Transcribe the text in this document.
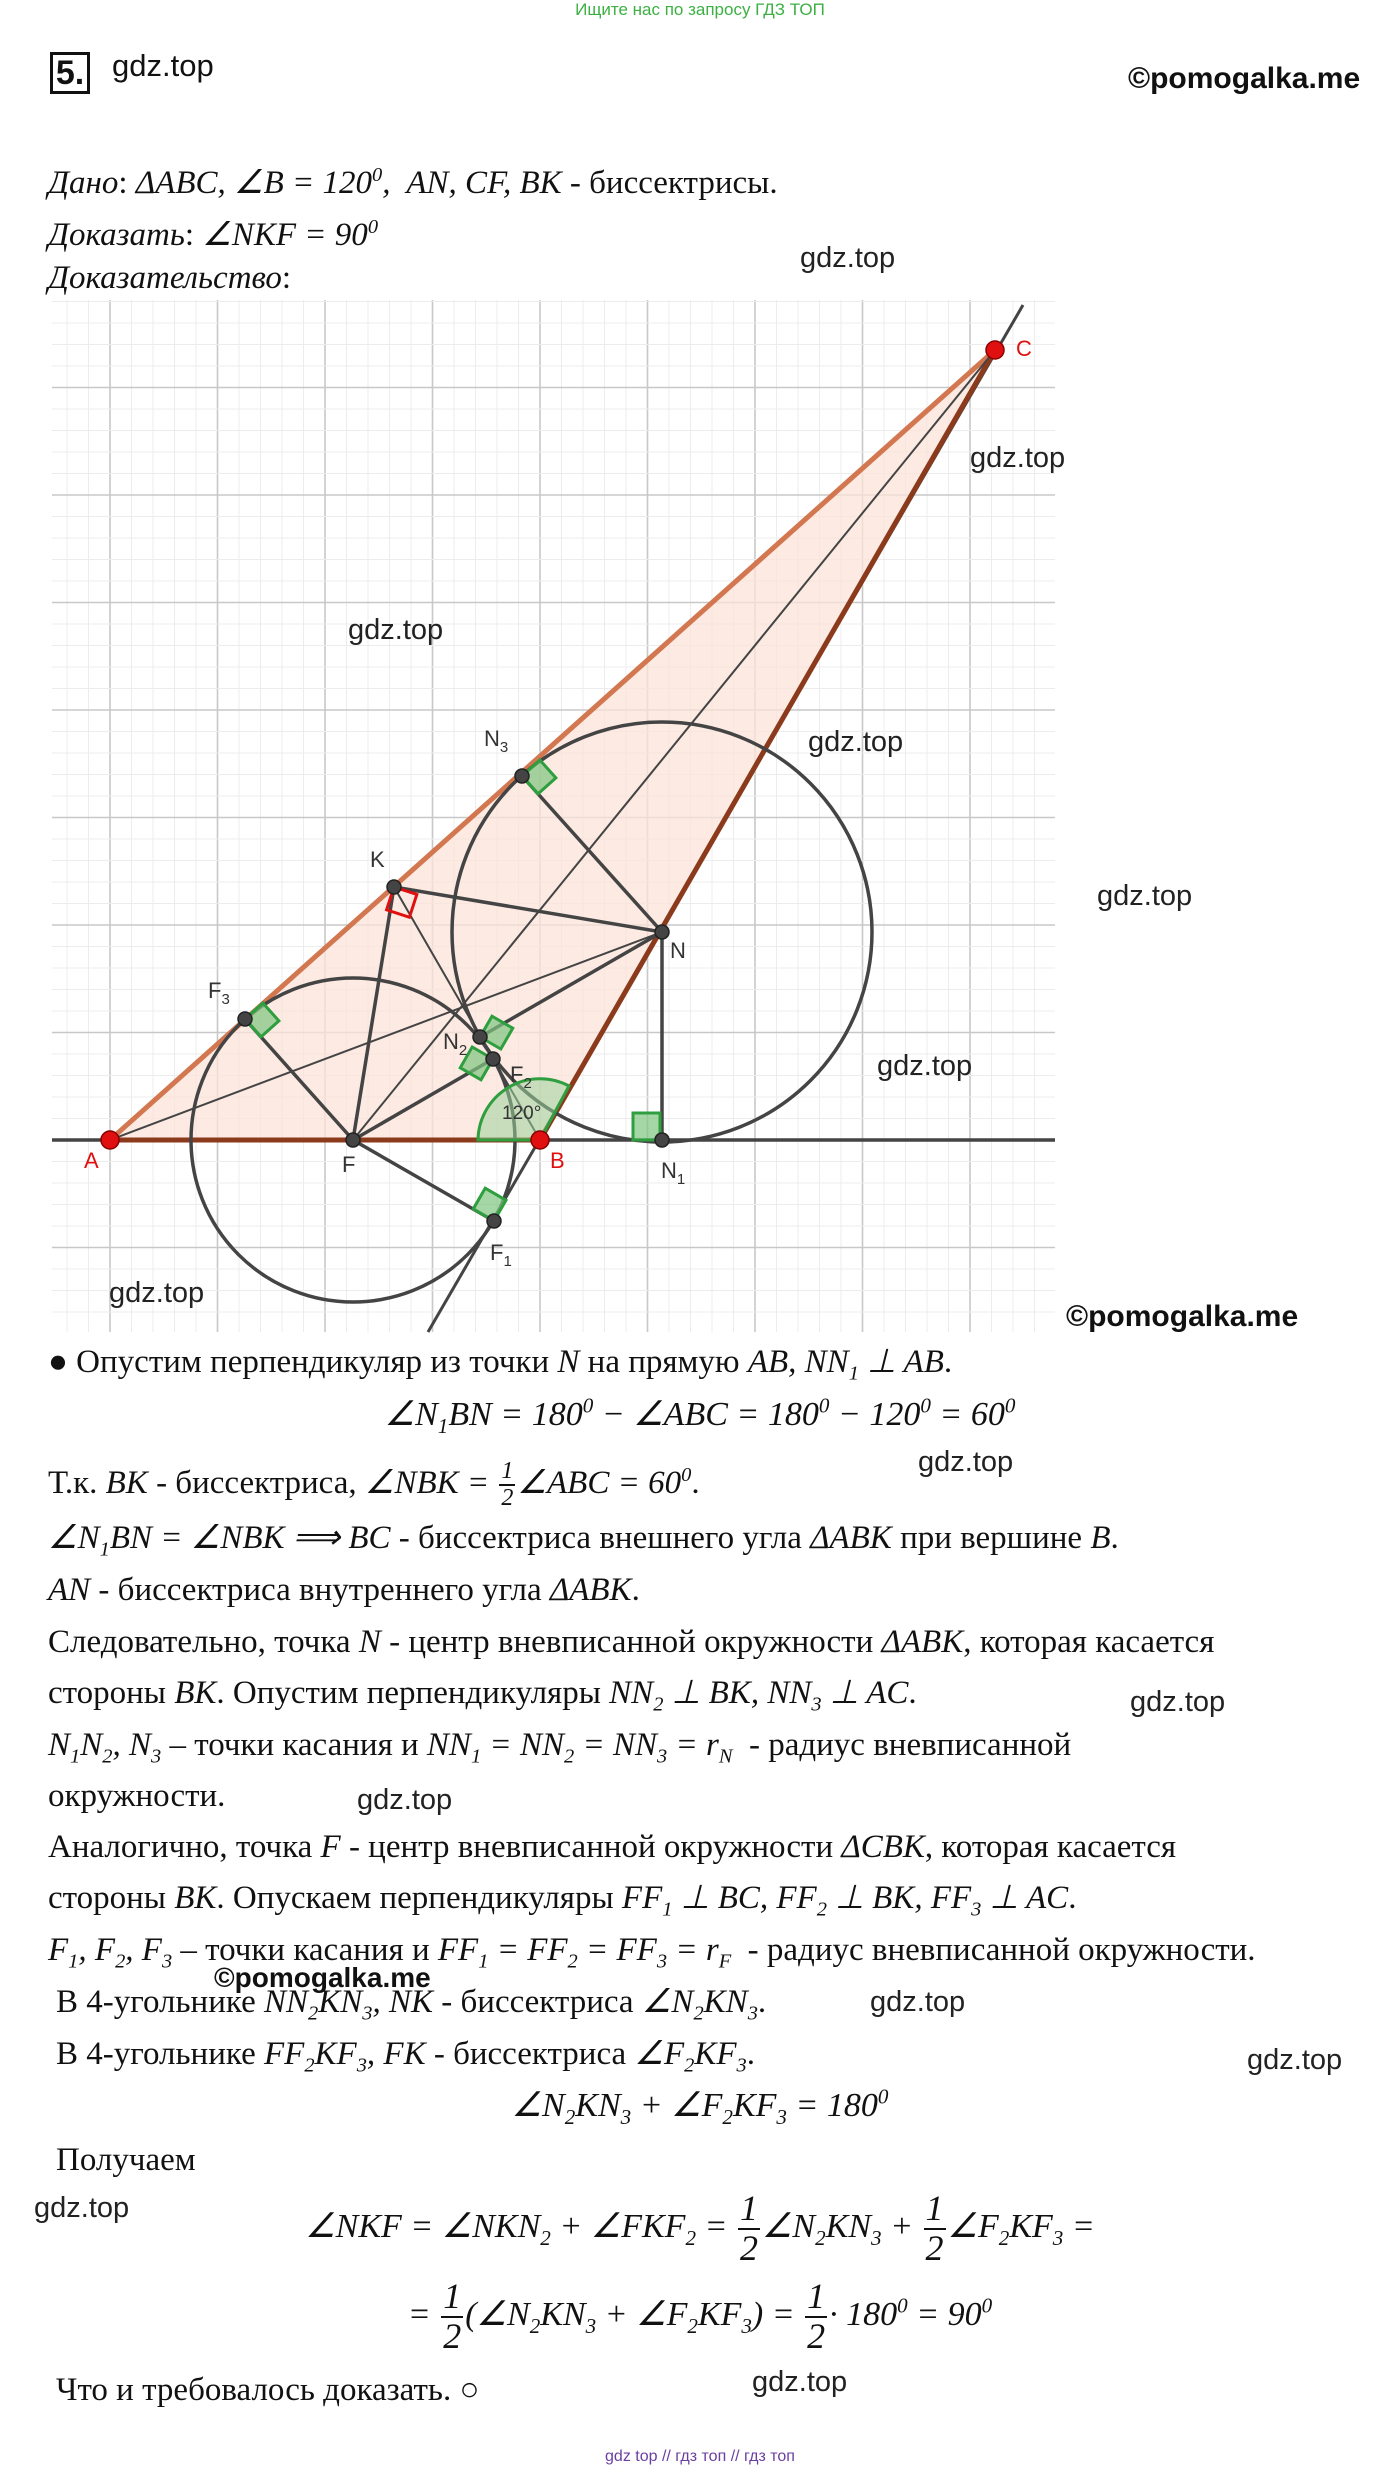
Ищите нас по запросу ГДЗ ТОП
5. gdz.top	©pomogalka.me
Дано: ΔABC, ∠B = $120^0$,  AN, CF, BK - биссектрисы.
Доказать: ∠NKF = $90^0$
Доказательство:
A	B
C
F
K
N
$N_1$
$N_2$
$N_3$
$F_1$
$F_2$
$F_3$
120°
gdz.top
gdz.top
gdz.top
gdz.top
gdz.top
gdz.top
gdz.top
©pomogalka.me
● Опустим перпендикуляр из точки N на прямую AB, $NN_1$ ⊥ AB.
$\angle N_1BN = 180^0$ − ∠ABC = $180^0 - 120^0 = 60^0$
Т.к. BK - биссектриса, ∠NBK = $\frac{1}{2}$ ∠ABC = $60^0$.
gdz.top
$\angle N_1BN$ = ∠NBK ⟹ BC - биссектриса внешнего угла ΔABK при вершине B.
AN - биссектриса внутреннего угла ΔABK.
Следовательно, точка N - центр вневписанной окружности ΔABK, которая касается
стороны BK. Опустим перпендикуляры $NN_2$ ⊥ BK, $NN_3$ ⊥ AC.	gdz.top
$N_1N_2$, $N_3$ – точки касания и $NN_1 = NN_2 = NN_3 = r_N$ - радиус вневписанной
окружности.	gdz.top
Аналогично, точка F - центр вневписанной окружности ΔCBK, которая касается
стороны BK. Опускаем перпендикуляры $FF_1$ ⊥ BC, $FF_2$ ⊥ BK, $FF_3$ ⊥ AC.
$F_1$, $F_2$, $F_3$ – точки касания и $FF_1 = FF_2 = FF_3 = r_F$ - радиус вневписанной окружности.
©pomogalka.me
В 4-угольнике $NN_2KN_3$, NK - биссектриса $\angle N_2KN_3$.	gdz.top
В 4-угольнике $FF_2KF_3$, FK - биссектриса $\angle F_2KF_3$.	gdz.top
$\angle N_2KN_3$ + $\angle F_2KF_3 = 180^0$
Получаем
gdz.top	∠NKF = $\angle NKN_2$ + $\angle FKF_2 = \frac{1}{2}$ $\angle N_2KN_3 + \frac{1}{2}$ $\angle F_2KF_3$ =
= $\frac{1}{2}$ ($\angle N_2KN_3$ + $\angle F_2KF_3) = \frac{1}{2} \cdot 180^0 = 90^0$
Что и требовалось доказать. ○	gdz.top
gdz top // гдз топ // гдз топ
